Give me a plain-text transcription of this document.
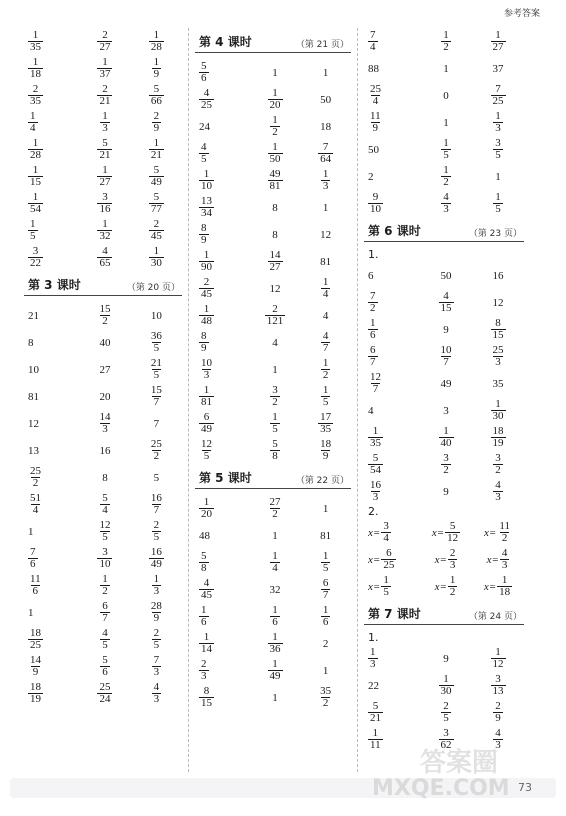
参考答案
$\frac{1}{35}$	$\frac{2}{27}$	$\frac{1}{28}$
$\frac{1}{18}$	$\frac{1}{37}$	$\frac{1}{9}$
$\frac{2}{35}$	$\frac{2}{21}$	$\frac{5}{66}$
$\frac{1}{4}$	$\frac{1}{3}$	$\frac{2}{9}$
$\frac{1}{28}$	$\frac{5}{21}$	$\frac{1}{21}$
$\frac{1}{15}$	$\frac{1}{27}$	$\frac{5}{49}$
$\frac{1}{54}$	$\frac{3}{16}$	$\frac{5}{77}$
$\frac{1}{5}$	$\frac{1}{32}$	$\frac{2}{45}$
$\frac{3}{22}$	$\frac{4}{65}$	$\frac{1}{30}$
第 3 课时	（第 20 页）
21	$\frac{15}{2}$	10
8	40	$\frac{36}{5}$
10	27	$\frac{21}{5}$
81	20	$\frac{15}{7}$
12	$\frac{14}{3}$	7
13	16	$\frac{25}{2}$
$\frac{25}{2}$	8	5
$\frac{51}{4}$	$\frac{5}{4}$	$\frac{16}{7}$
1	$\frac{12}{5}$	$\frac{2}{5}$
$\frac{7}{6}$	$\frac{3}{10}$	$\frac{16}{49}$
$\frac{11}{6}$	$\frac{1}{2}$	$\frac{1}{3}$
1	$\frac{6}{7}$	$\frac{28}{9}$
$\frac{18}{25}$	$\frac{4}{5}$	$\frac{2}{5}$
$\frac{14}{9}$	$\frac{5}{6}$	$\frac{7}{3}$
$\frac{18}{19}$	$\frac{25}{24}$	$\frac{4}{3}$
第 4 课时	（第 21 页）
$\frac{5}{6}$	1	1
$\frac{4}{25}$	$\frac{1}{20}$	50
24	$\frac{1}{2}$	18
$\frac{4}{5}$	$\frac{1}{50}$	$\frac{7}{64}$
$\frac{1}{10}$	$\frac{49}{81}$	$\frac{1}{3}$
$\frac{13}{34}$	8	1
$\frac{8}{9}$	8	12
$\frac{1}{90}$	$\frac{14}{27}$	81
$\frac{2}{45}$	12	$\frac{1}{4}$
$\frac{1}{48}$	$\frac{2}{121}$	4
$\frac{8}{9}$	4	$\frac{4}{7}$
$\frac{10}{3}$	1	$\frac{1}{2}$
$\frac{1}{81}$	$\frac{3}{2}$	$\frac{1}{5}$
$\frac{6}{49}$	$\frac{1}{5}$	$\frac{17}{35}$
$\frac{12}{5}$	$\frac{5}{8}$	$\frac{18}{9}$
第 5 课时	（第 22 页）
$\frac{1}{20}$	$\frac{27}{2}$	1
48	1	81
$\frac{5}{8}$	$\frac{1}{4}$	$\frac{1}{5}$
$\frac{4}{45}$	32	$\frac{6}{7}$
$\frac{1}{6}$	$\frac{1}{6}$	$\frac{1}{6}$
$\frac{1}{14}$	$\frac{1}{36}$	2
$\frac{2}{3}$	$\frac{1}{49}$	1
$\frac{8}{15}$	1	$\frac{35}{2}$
$\frac{7}{4}$	$\frac{1}{2}$	$\frac{1}{27}$
88	1	37
$\frac{25}{4}$	0	$\frac{7}{25}$
$\frac{11}{9}$	1	$\frac{1}{3}$
50	$\frac{1}{5}$	$\frac{3}{5}$
2	$\frac{1}{2}$	1
$\frac{9}{10}$	$\frac{4}{3}$	$\frac{1}{5}$
第 6 课时	（第 23 页）
1.
6	50	16
$\frac{7}{2}$	$\frac{4}{15}$	12
$\frac{1}{6}$	9	$\frac{8}{15}$
$\frac{6}{7}$	$\frac{10}{7}$	$\frac{25}{3}$
$\frac{12}{7}$	49	35
4	3	$\frac{1}{30}$
$\frac{1}{35}$	$\frac{1}{40}$	$\frac{18}{19}$
$\frac{5}{54}$	$\frac{3}{2}$	$\frac{3}{2}$
$\frac{16}{3}$	9	$\frac{4}{3}$
2.
$x= \frac{3}{4}$	$x= \frac{5}{12} x= \frac{11}{2}$
$x= \frac{6}{25}$	$x= \frac{2}{3}$	$x= \frac{4}{3}$
$x= \frac{1}{5}$	$x= \frac{1}{2} x= \frac{1}{18}$
第 7 课时	（第 24 页）
1.
$\frac{1}{3}$	9	$\frac{1}{12}$
22	$\frac{1}{30}$	$\frac{3}{13}$
$\frac{5}{21}$	$\frac{2}{5}$	$\frac{2}{9}$
$\frac{1}{11}$	$\frac{3}{62}$	$\frac{4}{3}$
73
答案圈
MXQE.COM
